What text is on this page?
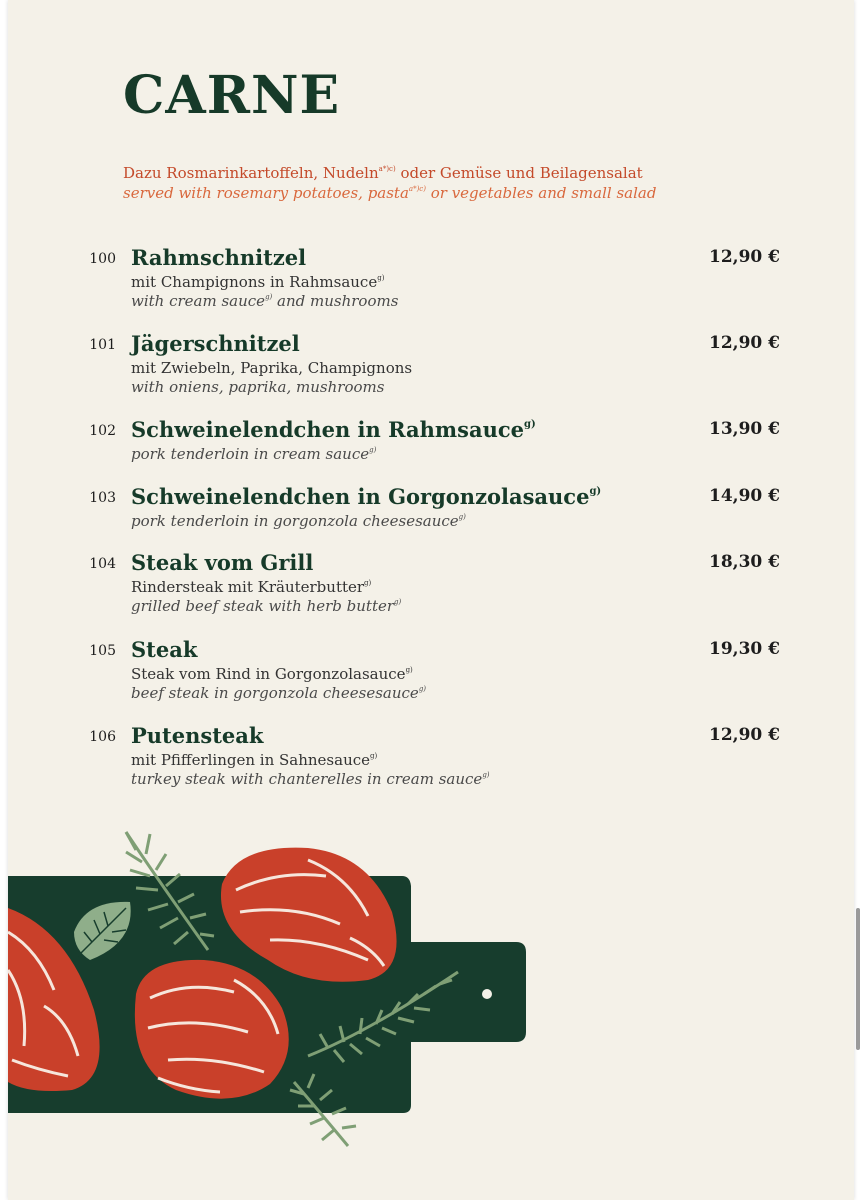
CARNE
Dazu Rosmarinkartoffeln, Nudeln$^{a*)c)}$ oder Gemüse und Beilagensalat
served with rosemary potatoes, pasta$^{a*)c)}$ or vegetables and small salad
100 Rahmschnitzel
mit Champignons in Rahmsauce$^{g)}$
with cream sauce$^{g)}$ and mushrooms
12,90 €
101 Jägerschnitzel
mit Zwiebeln, Paprika, Champignons
with oniens, paprika, mushrooms
12,90 €
102 Schweinelendchen in Rahmsauce$^{g)}$
pork tenderloin in cream sauce$^{g)}$
13,90 €
103 Schweinelendchen in Gorgonzolasauce$^{g)}$
pork tenderloin in gorgonzola cheesesauce$^{g)}$
14,90 €
104 Steak vom Grill
Rindersteak mit Kräuterbutter$^{g)}$
grilled beef steak with herb butter$^{g)}$
18,30 €
105 Steak
Steak vom Rind in Gorgonzolasauce$^{g)}$
beef steak in gorgonzola cheesesauce$^{g)}$
19,30 €
106 Putensteak
mit Pfifferlingen in Sahnesauce$^{g)}$
turkey steak with chanterelles in cream sauce$^{g)}$
12,90 €
